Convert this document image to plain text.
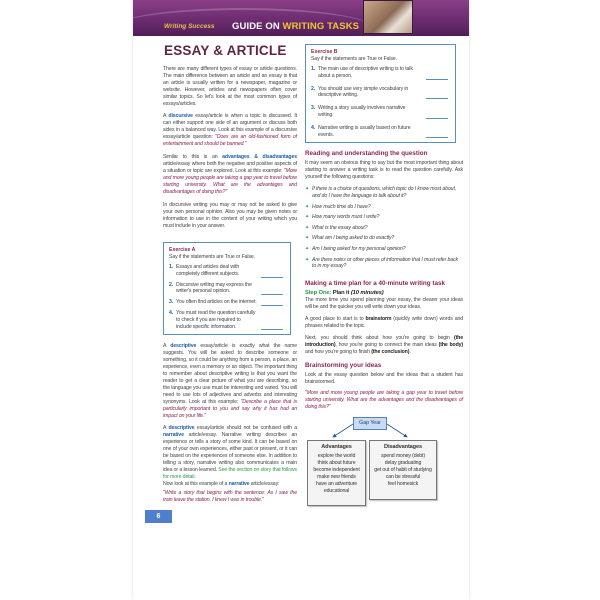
Writing Success GUIDE ON WRITING TASKS
ESSAY & ARTICLE
There are many different types of essay or article questions. The main difference between an article and an essay is that an article is usually written for a newspaper, magazine or website. However, articles and newspapers often cover similar topics. So let's look at the most common types of essays/articles.
A discursive essay/article is when a topic is discussed. It can either support one side of an argument or discuss both sides in a balanced way. Look at this example of a discursive essay/article question: "Does are an old-fashioned form of entertainment and should be banned."
Similar to this is an advantages & disadvantages article/essay where both the negative and positive aspects of a situation or topic are explored. Look at this example: "More and more young people are taking a gap year to travel before starting university. What are the advantages and disadvantages of doing this?"
In discursive writing you may or may not be asked to give your own personal opinion. Also you may be given notes or information to use in the content of your writing which you must include in your answer.
Exercise A
Say if the statements are True or False.
1. Essays and articles deal with completely different subjects.
2. Discursive writing may express the writer's personal opinion.
3. You often find articles on the internet.
4. You must read the question carefully to check if you are required to include specific information.
A descriptive essay/article is exactly what the name suggests. You will be asked to describe someone or something, so it could be anything from a person, a place, an experience, even a memory or an object. The important thing to remember about descriptive writing is that you want the reader to get a clear picture of what you are describing, so the language you use must be interesting and varied. You will need to use lots of adjectives and adverbs and interesting synonyms. Look at this example: "Describe a place that is particularly important to you and say why it has had an impact on your life."
A descriptive essay/article should not be confused with a narrative article/essay. Narrative writing describes an experience or tells a story of some kind. It can be based on one of your own experiences, either past or present, or it can be based on the experiences of someone else. In addition to telling a story, narrative writing also communicates a main idea or a lesson learned. See the section on story that follows for more detail.
Now look at this example of a narrative article/essay:
"Write a story that begins with the sentence: As I saw the train leave the station, I knew I was in trouble."
6
Exercise B
Say if the statements are True or False.
1. The main use of descriptive writing is to talk about a person.
2. You should use very simple vocabulary in descriptive writing.
3. Writing a story usually involves narrative writing.
4. Narrative writing is usually based on future events.
Reading and understanding the question
It may seem an obvious thing to say but the most important thing about starting to answer a writing task is to read the question carefully. Ask yourself the following questions:
✦ If there is a choice of questions, which topic do I know most about, and do I have the language to talk about it?
✦ How much time do I have?
✦ How many words must I write?
✦ What is the essay about?
✦ What am I being asked to do exactly?
✦ Am I being asked for my personal opinion?
✦ Are there notes or other pieces of information that I must refer back to in my essay?
Making a time plan for a 40-minute writing task
Step One: Plan it (10 minutes)
The more time you spend planning your essay, the clearer your ideas will be and the quicker you will write down your ideas.
A good place to start is to brainstorm (quickly write down) words and phrases related to the topic.
Next, you should think about how you're going to begin (the introduction), how you're going to connect the main ideas (the body) and how you're going to finish (the conclusion).
Brainstorming your ideas
Look at the essay question below and the ideas that a student has brainstormed.
"More and more young people are taking a gap year to travel before starting university. What are the advantages and the disadvantages of doing this?"
Gap Year
Advantages
explore the world
think about future
become independent
make new friends
have an adventure
educational
Disadvantages
spend money (debt)
delay graduating
get out of habit of studying
can be stressful
feel homesick
